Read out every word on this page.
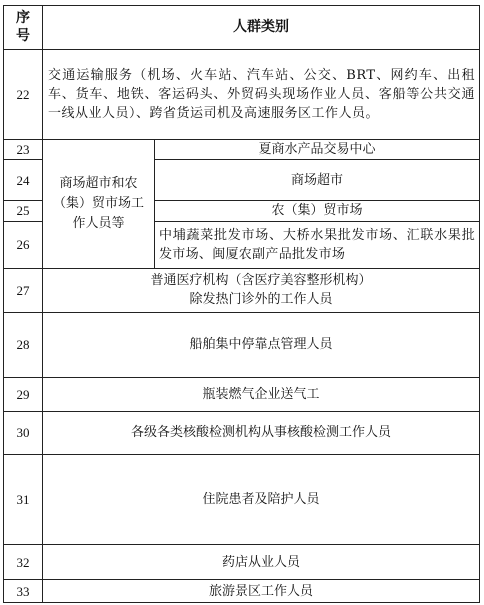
序
号	人群类别	
22	交通运输服务（机场、火车站、汽车站、公交、BRT、网约车、出租车、货车、地铁、客运码头、外贸码头现场作业人员、客船等公共交通一线从业人员）、跨省货运司机及高速服务区工作人员。	
23	商场超市和农（集）贸市场工作人员等	夏商水产品交易中心
24		商场超市
25		农（集）贸市场
26		中埔蔬菜批发市场、大桥水果批发市场、汇联水果批发市场、闽厦农副产品批发市场
27	普通医疗机构（含医疗美容整形机构）
除发热门诊外的工作人员	
28	船舶集中停靠点管理人员	
29	瓶装燃气企业送气工	
30	各级各类核酸检测机构从事核酸检测工作人员	
31	住院患者及陪护人员	
32	药店从业人员	
33	旅游景区工作人员	
